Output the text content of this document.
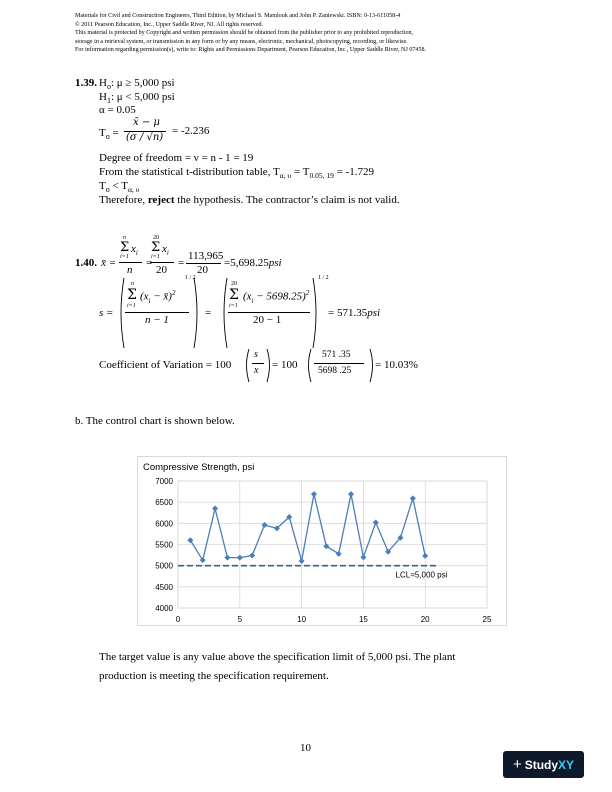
Materials for Civil and Construction Engineers, Third Edition, by Michael S. Mamlouk and John P. Zaniewski. ISBN: 0-13-611058-4
© 2011 Pearson Education, Inc., Upper Saddle River, NJ. All rights reserved.
This material is protected by Copyright and written permission should be obtained from the publisher prior to any prohibited reproduction,
storage in a retrieval system, or transmission in any form or by any means, electronic, mechanical, photocopying, recording, or likewise.
For information regarding permission(s), write to: Rights and Permissions Department, Pearson Education, Inc., Upper Saddle River, NJ 07458.
1.39. $H_o$: μ ≥ 5,000 psi
$H_1$: μ < 5,000 psi
α = 0.05
$T_o$ =
x̄ − μ
(σ / √n)
= -2.236
Degree of freedom = ν = n - 1 = 19
From the statistical t-distribution table, $T_{\alpha, \upsilon} = T_{0.05, 19} = -1.729$
$T_o < T_{\alpha, \upsilon}$
Therefore, reject the hypothesis. The contractor’s claim is not valid.
1.40. x̄ =
n
Σ $x_i$
i=1
n
=
20
Σ $x_i$
i=1
20
=
113,965
20
=5,698.25psi
s =
n
Σ ($x_i$ − x̄)$^2$
i=1
n − 1
1 / 2
=
20
Σ $(x_i - 5698.25)^2$
i=1
20 − 1
1 / 2
= 571.35psi
Coefficient of Variation = 100
s
x = 100
571 .35
5698 .25 = 10.03%
b. The control chart is shown below.
Compressive Strength, psi
4000
4500
5000
5500
6000
6500
7000
0	5	10	15	20	25
LCL=5,000 psi
The target value is any value above the specification limit of 5,000 psi. The plant
production is meeting the specification requirement.
10
+ Study XY
